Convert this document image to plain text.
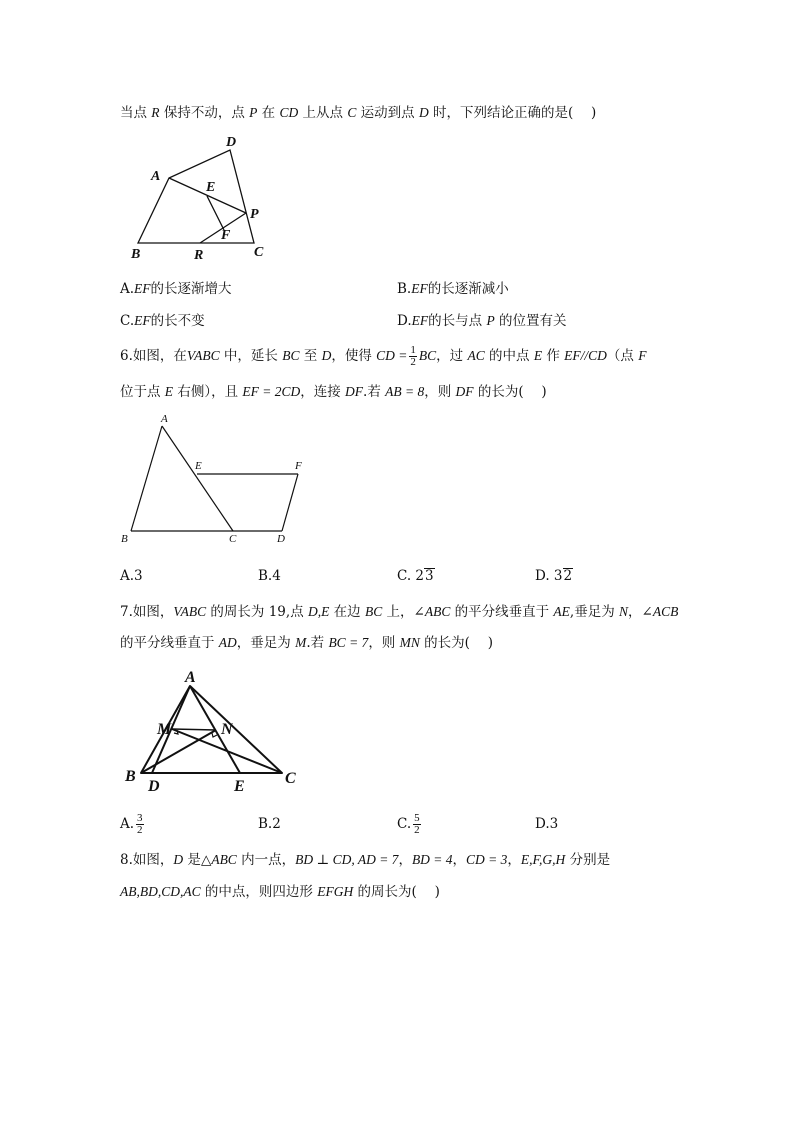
当点 R 保持不动，点 P 在 CD 上从点 C 运动到点 D 时，下列结论正确的是(　 )
A
D
E
P
F
B	R	C
A.EF的长逐渐增大	B.EF的长逐渐减小
C.EF的长不变	D.EF的长与点 P 的位置有关
6.如图，在VABC 中，延长 BC 至 D，使得 CD = $\frac{1}{2}$ BC，过 AC 的中点 E 作 EF//CD（点 F
位于点 E 右侧），且 EF = 2CD，连接 DF.若 AB = 8，则 DF 的长为(　 )
A
E	F
B	C	D
A.3	B.4	C. 23	D. 32
7.如图，VABC 的周长为 19,点 D,E 在边 BC 上，∠ABC 的平分线垂直于 AE,垂足为 N，∠ACB
的平分线垂直于 AD，垂足为 M.若 BC = 7，则 MN 的长为(　 )
A
M	N
B
D	E	C
A. $\frac{3}{2}$	B.2	C. $\frac{5}{2}$	D.3
8.如图，D 是△ABC 内一点，BD ⊥ CD, AD = 7，BD = 4，CD = 3，E,F,G,H 分别是
AB,BD,CD,AC 的中点，则四边形 EFGH 的周长为(　 )
